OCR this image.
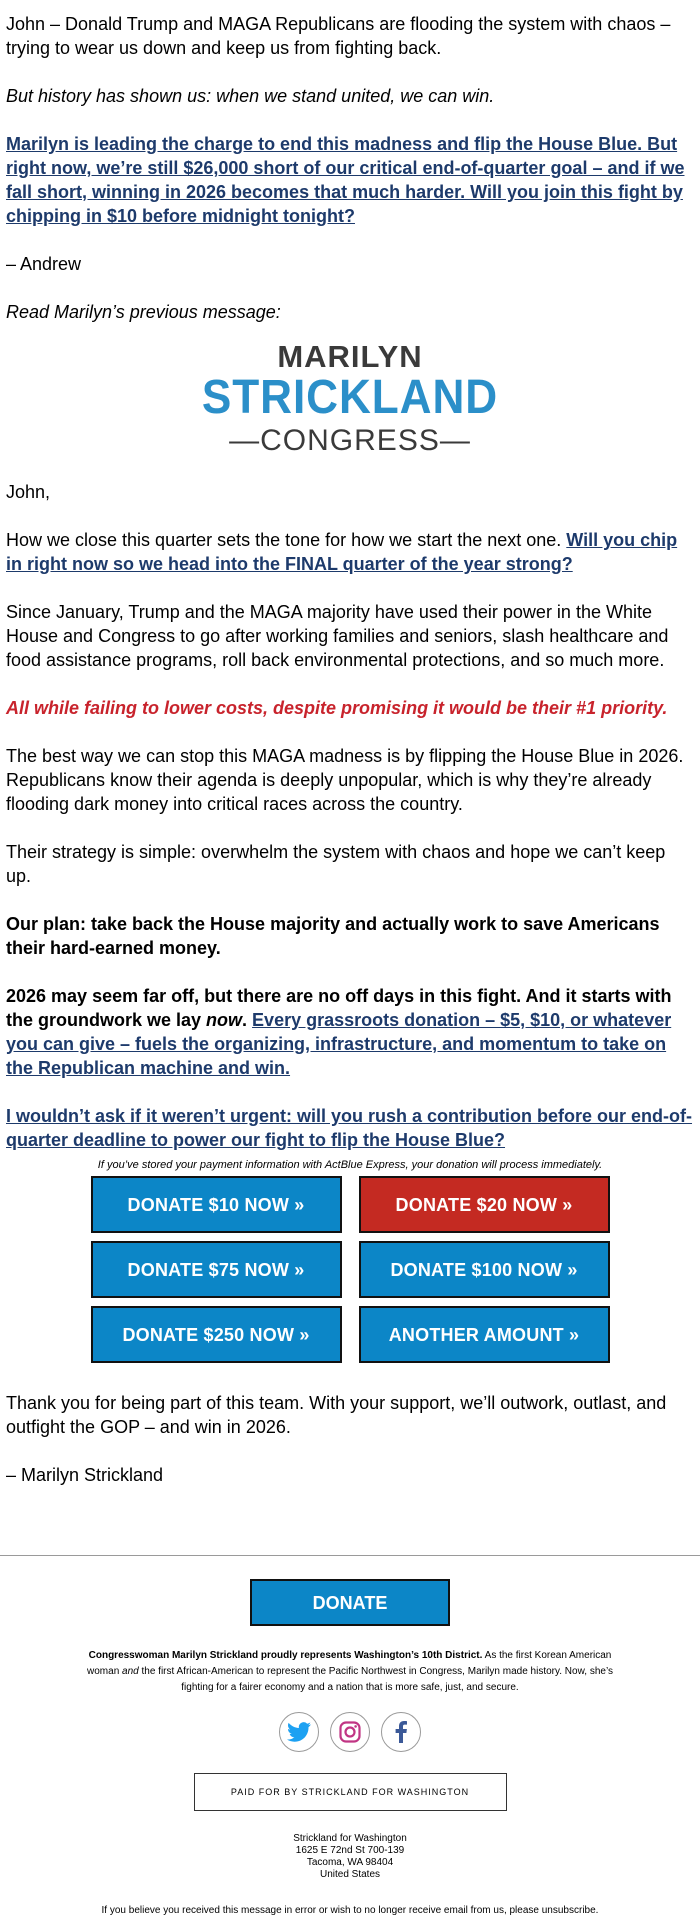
John – Donald Trump and MAGA Republicans are flooding the system with chaos – trying to wear us down and keep us from fighting back.

But history has shown us: when we stand united, we can win.

Marilyn is leading the charge to end this madness and flip the House Blue. But right now, we’re still $26,000 short of our critical end-of-quarter goal – and if we fall short, winning in 2026 becomes that much harder. Will you join this fight by chipping in $10 before midnight tonight?

– Andrew

Read Marilyn’s previous message:

MARILYN
STRICKLAND
—CONGRESS—

John,

How we close this quarter sets the tone for how we start the next one. Will you chip in right now so we head into the FINAL quarter of the year strong?

Since January, Trump and the MAGA majority have used their power in the White House and Congress to go after working families and seniors, slash healthcare and food assistance programs, roll back environmental protections, and so much more.

All while failing to lower costs, despite promising it would be their #1 priority.

The best way we can stop this MAGA madness is by flipping the House Blue in 2026. Republicans know their agenda is deeply unpopular, which is why they’re already flooding dark money into critical races across the country.

Their strategy is simple: overwhelm the system with chaos and hope we can’t keep up.

Our plan: take back the House majority and actually work to save Americans their hard-earned money.

2026 may seem far off, but there are no off days in this fight. And it starts with the groundwork we lay now. Every grassroots donation – $5, $10, or whatever you can give – fuels the organizing, infrastructure, and momentum to take on the Republican machine and win.

I wouldn’t ask if it weren’t urgent: will you rush a contribution before our end-of-quarter deadline to power our fight to flip the House Blue?

If you’ve stored your payment information with ActBlue Express, your donation will process immediately.
DONATE $10 NOW »	DONATE $20 NOW »
DONATE $75 NOW »	DONATE $100 NOW »
DONATE $250 NOW »	ANOTHER AMOUNT »

Thank you for being part of this team. With your support, we’ll outwork, outlast, and outfight the GOP – and win in 2026.

– Marilyn Strickland

DONATE
Congresswoman Marilyn Strickland proudly represents Washington’s 10th District. As the first Korean American woman and the first African-American to represent the Pacific Northwest in Congress, Marilyn made history. Now, she’s fighting for a fairer economy and a nation that is more safe, just, and secure.
PAID FOR BY STRICKLAND FOR WASHINGTON
Strickland for Washington
1625 E 72nd St 700-139
Tacoma, WA 98404
United States
If you believe you received this message in error or wish to no longer receive email from us, please unsubscribe.
